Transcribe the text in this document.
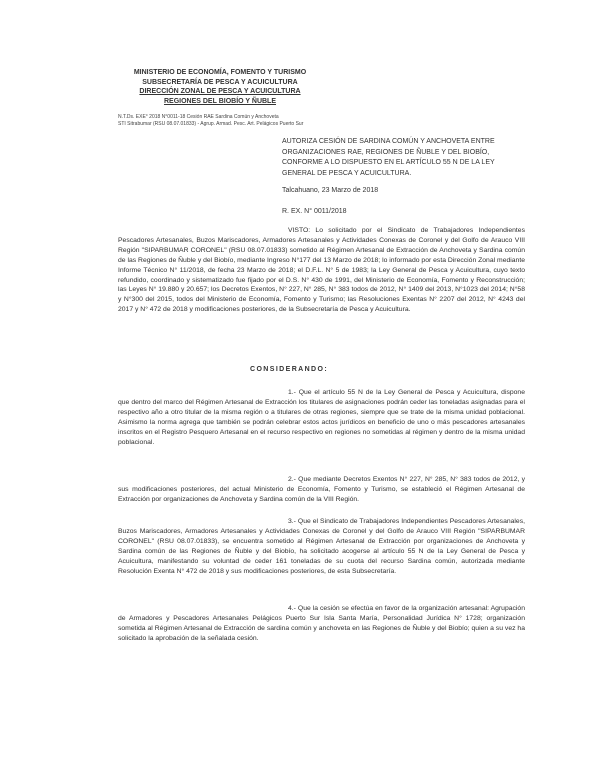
MINISTERIO DE ECONOMÍA, FOMENTO Y TURISMO
SUBSECRETARÍA DE PESCA Y ACUICULTURA
DIRECCIÓN ZONAL DE PESCA Y ACUICULTURA
REGIONES DEL BIOBÍO Y ÑUBLE
N.T.Ds. EXE° 2018 N°0011-18 Cesión RAE Sardina Común y Anchoveta
STI Sitrabumar (RSU 08.07.01833) - Agrup. Armad. Pesc. Art. Pelágicos Puerto Sur
AUTORIZA CESIÓN DE SARDINA COMÚN Y ANCHOVETA ENTRE ORGANIZACIONES RAE, REGIONES DE ÑUBLE Y DEL BIOBÍO, CONFORME A LO DISPUESTO EN EL ARTÍCULO 55 N DE LA LEY GENERAL DE PESCA Y ACUICULTURA.
Talcahuano, 23 Marzo de 2018
R. EX. N° 0011/2018

VISTO: Lo solicitado por el Sindicato de Trabajadores Independientes Pescadores Artesanales, Buzos Mariscadores, Armadores Artesanales y Actividades Conexas de Coronel y del Golfo de Arauco VIII Región "SIPARBUMAR CORONEL" (RSU 08.07.01833) sometido al Régimen Artesanal de Extracción de Anchoveta y Sardina común de las Regiones de Ñuble y del Biobío, mediante Ingreso N°177 del 13 Marzo de 2018; lo informado por esta Dirección Zonal mediante Informe Técnico N° 11/2018, de fecha 23 Marzo de 2018; el D.F.L. N° 5 de 1983; la Ley General de Pesca y Acuicultura, cuyo texto refundido, coordinado y sistematizado fue fijado por el D.S. N° 430 de 1991, del Ministerio de Economía, Fomento y Reconstrucción; las Leyes N° 19.880 y 20.657; los Decretos Exentos, N° 227, N° 285, N° 383 todos de 2012, N° 1409 del 2013, N°1023 del 2014; N°58 y N°300 del 2015, todos del Ministerio de Economía, Fomento y Turismo; las Resoluciones Exentas N° 2207 del 2012, N° 4243 del 2017 y N° 472 de 2018 y modificaciones posteriores, de la Subsecretaría de Pesca y Acuicultura.

CONSIDERANDO:

1.- Que el artículo 55 N de la Ley General de Pesca y Acuicultura, dispone que dentro del marco del Régimen Artesanal de Extracción los titulares de asignaciones podrán ceder las toneladas asignadas para el respectivo año a otro titular de la misma región o a titulares de otras regiones, siempre que se trate de la misma unidad poblacional. Asimismo la norma agrega que también se podrán celebrar estos actos jurídicos en beneficio de uno o más pescadores artesanales inscritos en el Registro Pesquero Artesanal en el recurso respectivo en regiones no sometidas al régimen y dentro de la misma unidad poblacional.

2.- Que mediante Decretos Exentos N° 227, N° 285, N° 383 todos de 2012, y sus modificaciones posteriores, del actual Ministerio de Economía, Fomento y Turismo, se estableció el Régimen Artesanal de Extracción por organizaciones de Anchoveta y Sardina común de la VIII Región.

3.- Que el Sindicato de Trabajadores Independientes Pescadores Artesanales, Buzos Mariscadores, Armadores Artesanales y Actividades Conexas de Coronel y del Golfo de Arauco VIII Región "SIPARBUMAR CORONEL" (RSU 08.07.01833), se encuentra sometido al Régimen Artesanal de Extracción por organizaciones de Anchoveta y Sardina común de las Regiones de Ñuble y del Biobío, ha solicitado acogerse al artículo 55 N de la Ley General de Pesca y Acuicultura, manifestando su voluntad de ceder 161 toneladas de su cuota del recurso Sardina común, autorizada mediante Resolución Exenta N° 472 de 2018 y sus modificaciones posteriores, de esta Subsecretaría.

4.- Que la cesión se efectúa en favor de la organización artesanal: Agrupación de Armadores y Pescadores Artesanales Pelágicos Puerto Sur Isla Santa María, Personalidad Jurídica N° 1728; organización sometida al Régimen Artesanal de Extracción de sardina común y anchoveta en las Regiones de Ñuble y del Biobío; quien a su vez ha solicitado la aprobación de la señalada cesión.
